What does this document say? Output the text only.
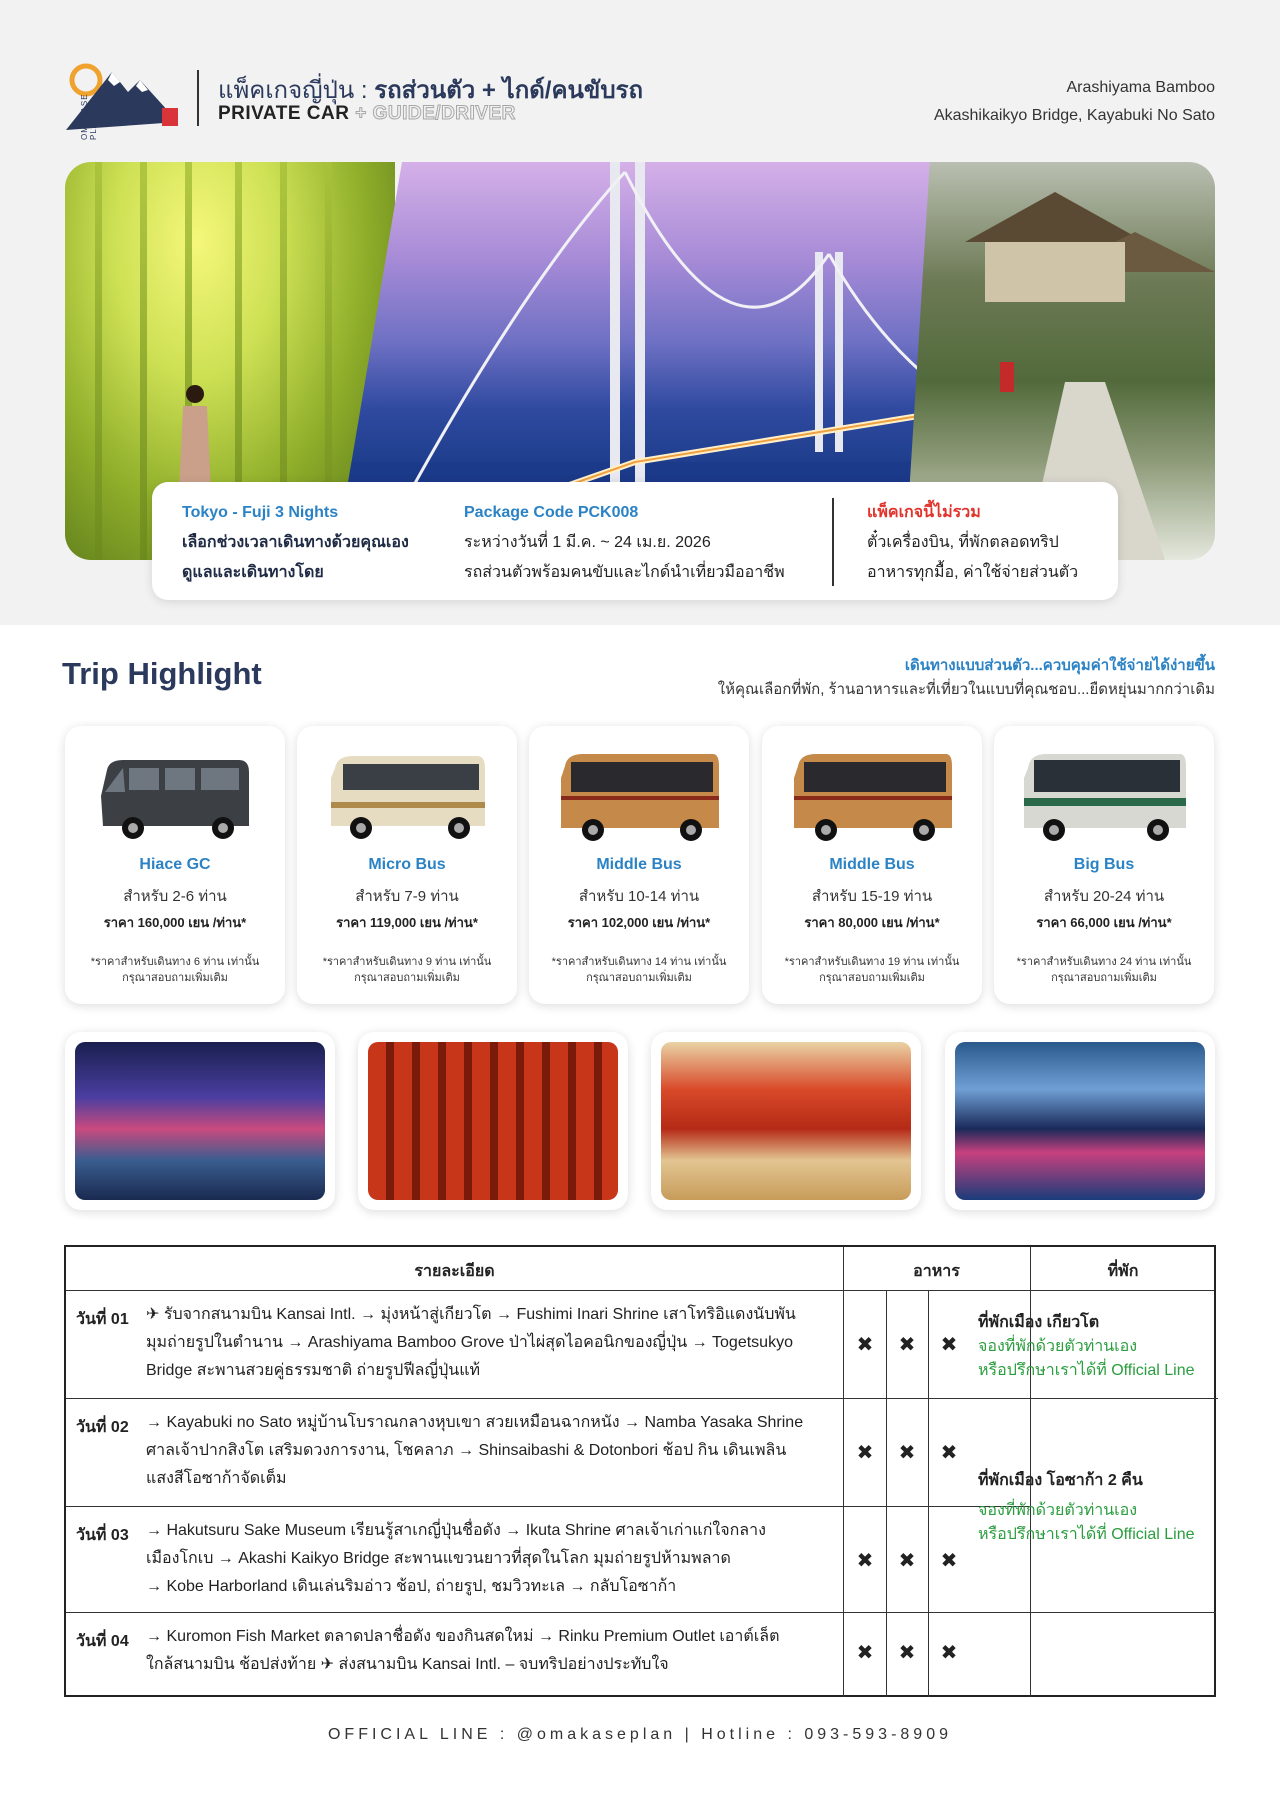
OMAKASE PLAN お任せプラン
แพ็คเกจญี่ปุ่น : รถส่วนตัว + ไกด์/คนขับรถ
PRIVATE CAR + GUIDE/DRIVER
Arashiyama Bamboo
Akashikaikyo Bridge, Kayabuki No Sato
Tokyo - Fuji 3 Nights
เลือกช่วงเวลาเดินทางด้วยคุณเอง
ดูแลและเดินทางโดย
Package Code PCK008
ระหว่างวันที่ 1 มี.ค. ~ 24 เม.ย. 2026
รถส่วนตัวพร้อมคนขับและไกด์นำเที่ยวมืออาชีพ
แพ็คเกจนี้ไม่รวม
ตั๋วเครื่องบิน, ที่พักตลอดทริป
อาหารทุกมื้อ, ค่าใช้จ่ายส่วนตัว
Trip Highlight	เดินทางแบบส่วนตัว...ควบคุมค่าใช้จ่ายได้ง่ายขึ้น
ให้คุณเลือกที่พัก, ร้านอาหารและที่เที่ยวในแบบที่คุณชอบ...ยืดหยุ่นมากกว่าเดิม
Hiace GC
สำหรับ 2-6 ท่าน
ราคา 160,000 เยน /ท่าน*
*ราคาสำหรับเดินทาง 6 ท่าน เท่านั้น
กรุณาสอบถามเพิ่มเติม
Micro Bus
สำหรับ 7-9 ท่าน
ราคา 119,000 เยน /ท่าน*
*ราคาสำหรับเดินทาง 9 ท่าน เท่านั้น
กรุณาสอบถามเพิ่มเติม
Middle Bus
สำหรับ 10-14 ท่าน
ราคา 102,000 เยน /ท่าน*
*ราคาสำหรับเดินทาง 14 ท่าน เท่านั้น
กรุณาสอบถามเพิ่มเติม
Middle Bus
สำหรับ 15-19 ท่าน
ราคา 80,000 เยน /ท่าน*
*ราคาสำหรับเดินทาง 19 ท่าน เท่านั้น
กรุณาสอบถามเพิ่มเติม
Big Bus
สำหรับ 20-24 ท่าน
ราคา 66,000 เยน /ท่าน*
*ราคาสำหรับเดินทาง 24 ท่าน เท่านั้น
กรุณาสอบถามเพิ่มเติม
รายละเอียด	อาหาร	ที่พัก
วันที่ 01 ✈ รับจากสนามบิน Kansai Intl. → มุ่งหน้าสู่เกียวโต → Fushimi Inari Shrine เสาโทริอิแดงนับพัน
มุมถ่ายรูปในตำนาน → Arashiyama Bamboo Grove ป่าไผ่สุดไอคอนิกของญี่ปุ่น → Togetsukyo
Bridge สะพานสวยคู่ธรรมชาติ ถ่ายรูปฟีลญี่ปุ่นแท้
✖	✖	✖
ที่พักเมือง เกียวโต
จองที่พักด้วยตัวท่านเอง
หรือปรึกษาเราได้ที่ Official Line
วันที่ 02 → Kayabuki no Sato หมู่บ้านโบราณกลางหุบเขา สวยเหมือนฉากหนัง → Namba Yasaka Shrine
ศาลเจ้าปากสิงโต เสริมดวงการงาน, โชคลาภ → Shinsaibashi & Dotonbori ช้อป กิน เดินเพลิน
แสงสีโอซาก้าจัดเต็ม
✖	✖	✖
ที่พักเมือง โอซาก้า 2 คืน
จองที่พักด้วยตัวท่านเอง
หรือปรึกษาเราได้ที่ Official Line
วันที่ 03 → Hakutsuru Sake Museum เรียนรู้สาเกญี่ปุ่นชื่อดัง → Ikuta Shrine ศาลเจ้าเก่าแก่ใจกลาง
เมืองโกเบ → Akashi Kaikyo Bridge สะพานแขวนยาวที่สุดในโลก มุมถ่ายรูปห้ามพลาด
→ Kobe Harborland เดินเล่นริมอ่าว ช้อป, ถ่ายรูป, ชมวิวทะเล → กลับโอซาก้า
✖	✖	✖
วันที่ 04 → Kuromon Fish Market ตลาดปลาชื่อดัง ของกินสดใหม่ → Rinku Premium Outlet เอาต์เล็ต
ใกล้สนามบิน ช้อปส่งท้าย ✈ ส่งสนามบิน Kansai Intl. – จบทริปอย่างประทับใจ
✖	✖	✖
OFFICIAL LINE : @omakaseplan | Hotline : 093-593-8909
